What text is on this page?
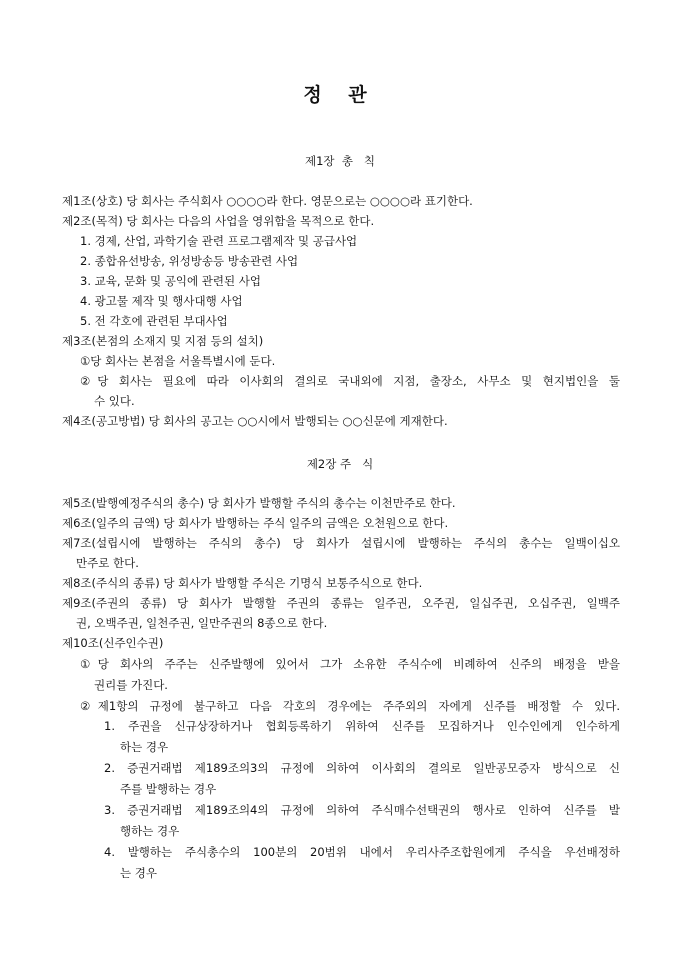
정 관
제1장  총   칙
제1조(상호) 당 회사는 주식회사 ○○○○라 한다. 영문으로는 ○○○○라 표기한다.
제2조(목적) 당 회사는 다음의 사업을 영위함을 목적으로 한다.
1. 경제, 산업, 과학기술 관련 프로그램제작 및 공급사업
2. 종합유선방송, 위성방송등 방송관련 사업
3. 교육, 문화 및 공익에 관련된 사업
4. 광고물 제작 및 행사대행 사업
5. 전 각호에 관련된 부대사업
제3조(본점의 소재지 및 지점 등의 설치)
①당 회사는 본점을 서울특별시에 둔다.
②당 회사는 필요에 따라 이사회의 결의로 국내외에 지점, 출장소, 사무소 및 현지법인을 둘
수 있다.
제4조(공고방법) 당 회사의 공고는 ○○시에서 발행되는 ○○신문에 게재한다.
제2장 주   식
제5조(발행예정주식의 총수) 당 회사가 발행할 주식의 총수는 이천만주로 한다.
제6조(일주의 금액) 당 회사가 발행하는 주식 일주의 금액은 오천원으로 한다.
제7조(설립시에 발행하는 주식의 총수) 당 회사가 설립시에 발행하는 주식의 총수는 일백이십오
만주로 한다.
제8조(주식의 종류) 당 회사가 발행할 주식은 기명식 보통주식으로 한다.
제9조(주권의 종류) 당 회사가 발행할 주권의 종류는 일주권, 오주권, 일십주권, 오십주권, 일백주
권, 오백주권, 일천주권, 일만주권의 8종으로 한다.
제10조(신주인수권)
①당 회사의 주주는 신주발행에 있어서 그가 소유한 주식수에 비례하여 신주의 배정을 받을
권리를 가진다.
②제1항의 규정에 불구하고 다음 각호의 경우에는 주주외의 자에게 신주를 배정할 수 있다.
1. 주권을 신규상장하거나 협회등록하기 위하여 신주를 모집하거나 인수인에게 인수하게
하는 경우
2. 증권거래법 제189조의3의 규정에 의하여 이사회의 결의로 일반공모증자 방식으로 신
주를 발행하는 경우
3. 증권거래법 제189조의4의 규정에 의하여 주식매수선택권의 행사로 인하여 신주를 발
행하는 경우
4. 발행하는 주식총수의 100분의 20범위 내에서 우리사주조합원에게 주식을 우선배정하
는 경우
